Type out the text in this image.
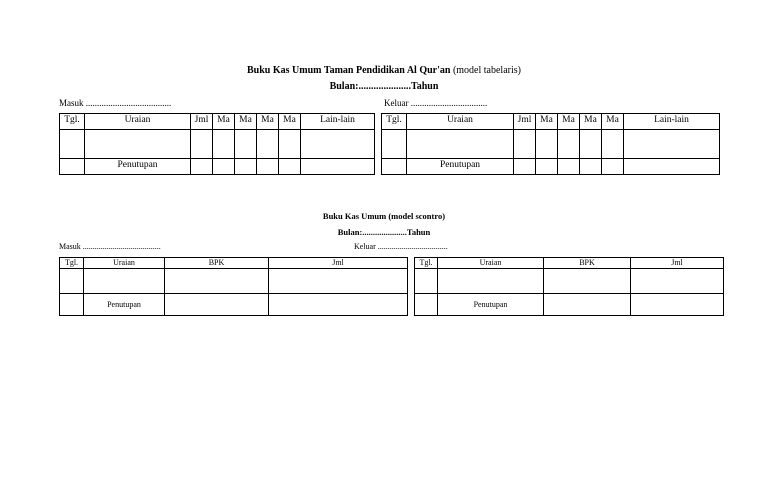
Buku Kas Umum Taman Pendidikan Al Qur'an (model tabelaris)
Bulan:.....................Tahun
Masuk ......................................	Keluar ..................................
Tgl.	Uraian	Jml	Ma	Ma	Ma	Ma	Lain-lain

	Penutupan						

Tgl.	Uraian	Jml	Ma	Ma	Ma	Ma	Lain-lain

	Penutupan						

Buku Kas Umum (model scontro)
Bulan:.....................Tahun
Masuk .......................................	Keluar ...................................
Tgl.	Uraian	BPK	Jml

	Penutupan		

Tgl.	Uraian	BPK	Jml

	Penutupan		
